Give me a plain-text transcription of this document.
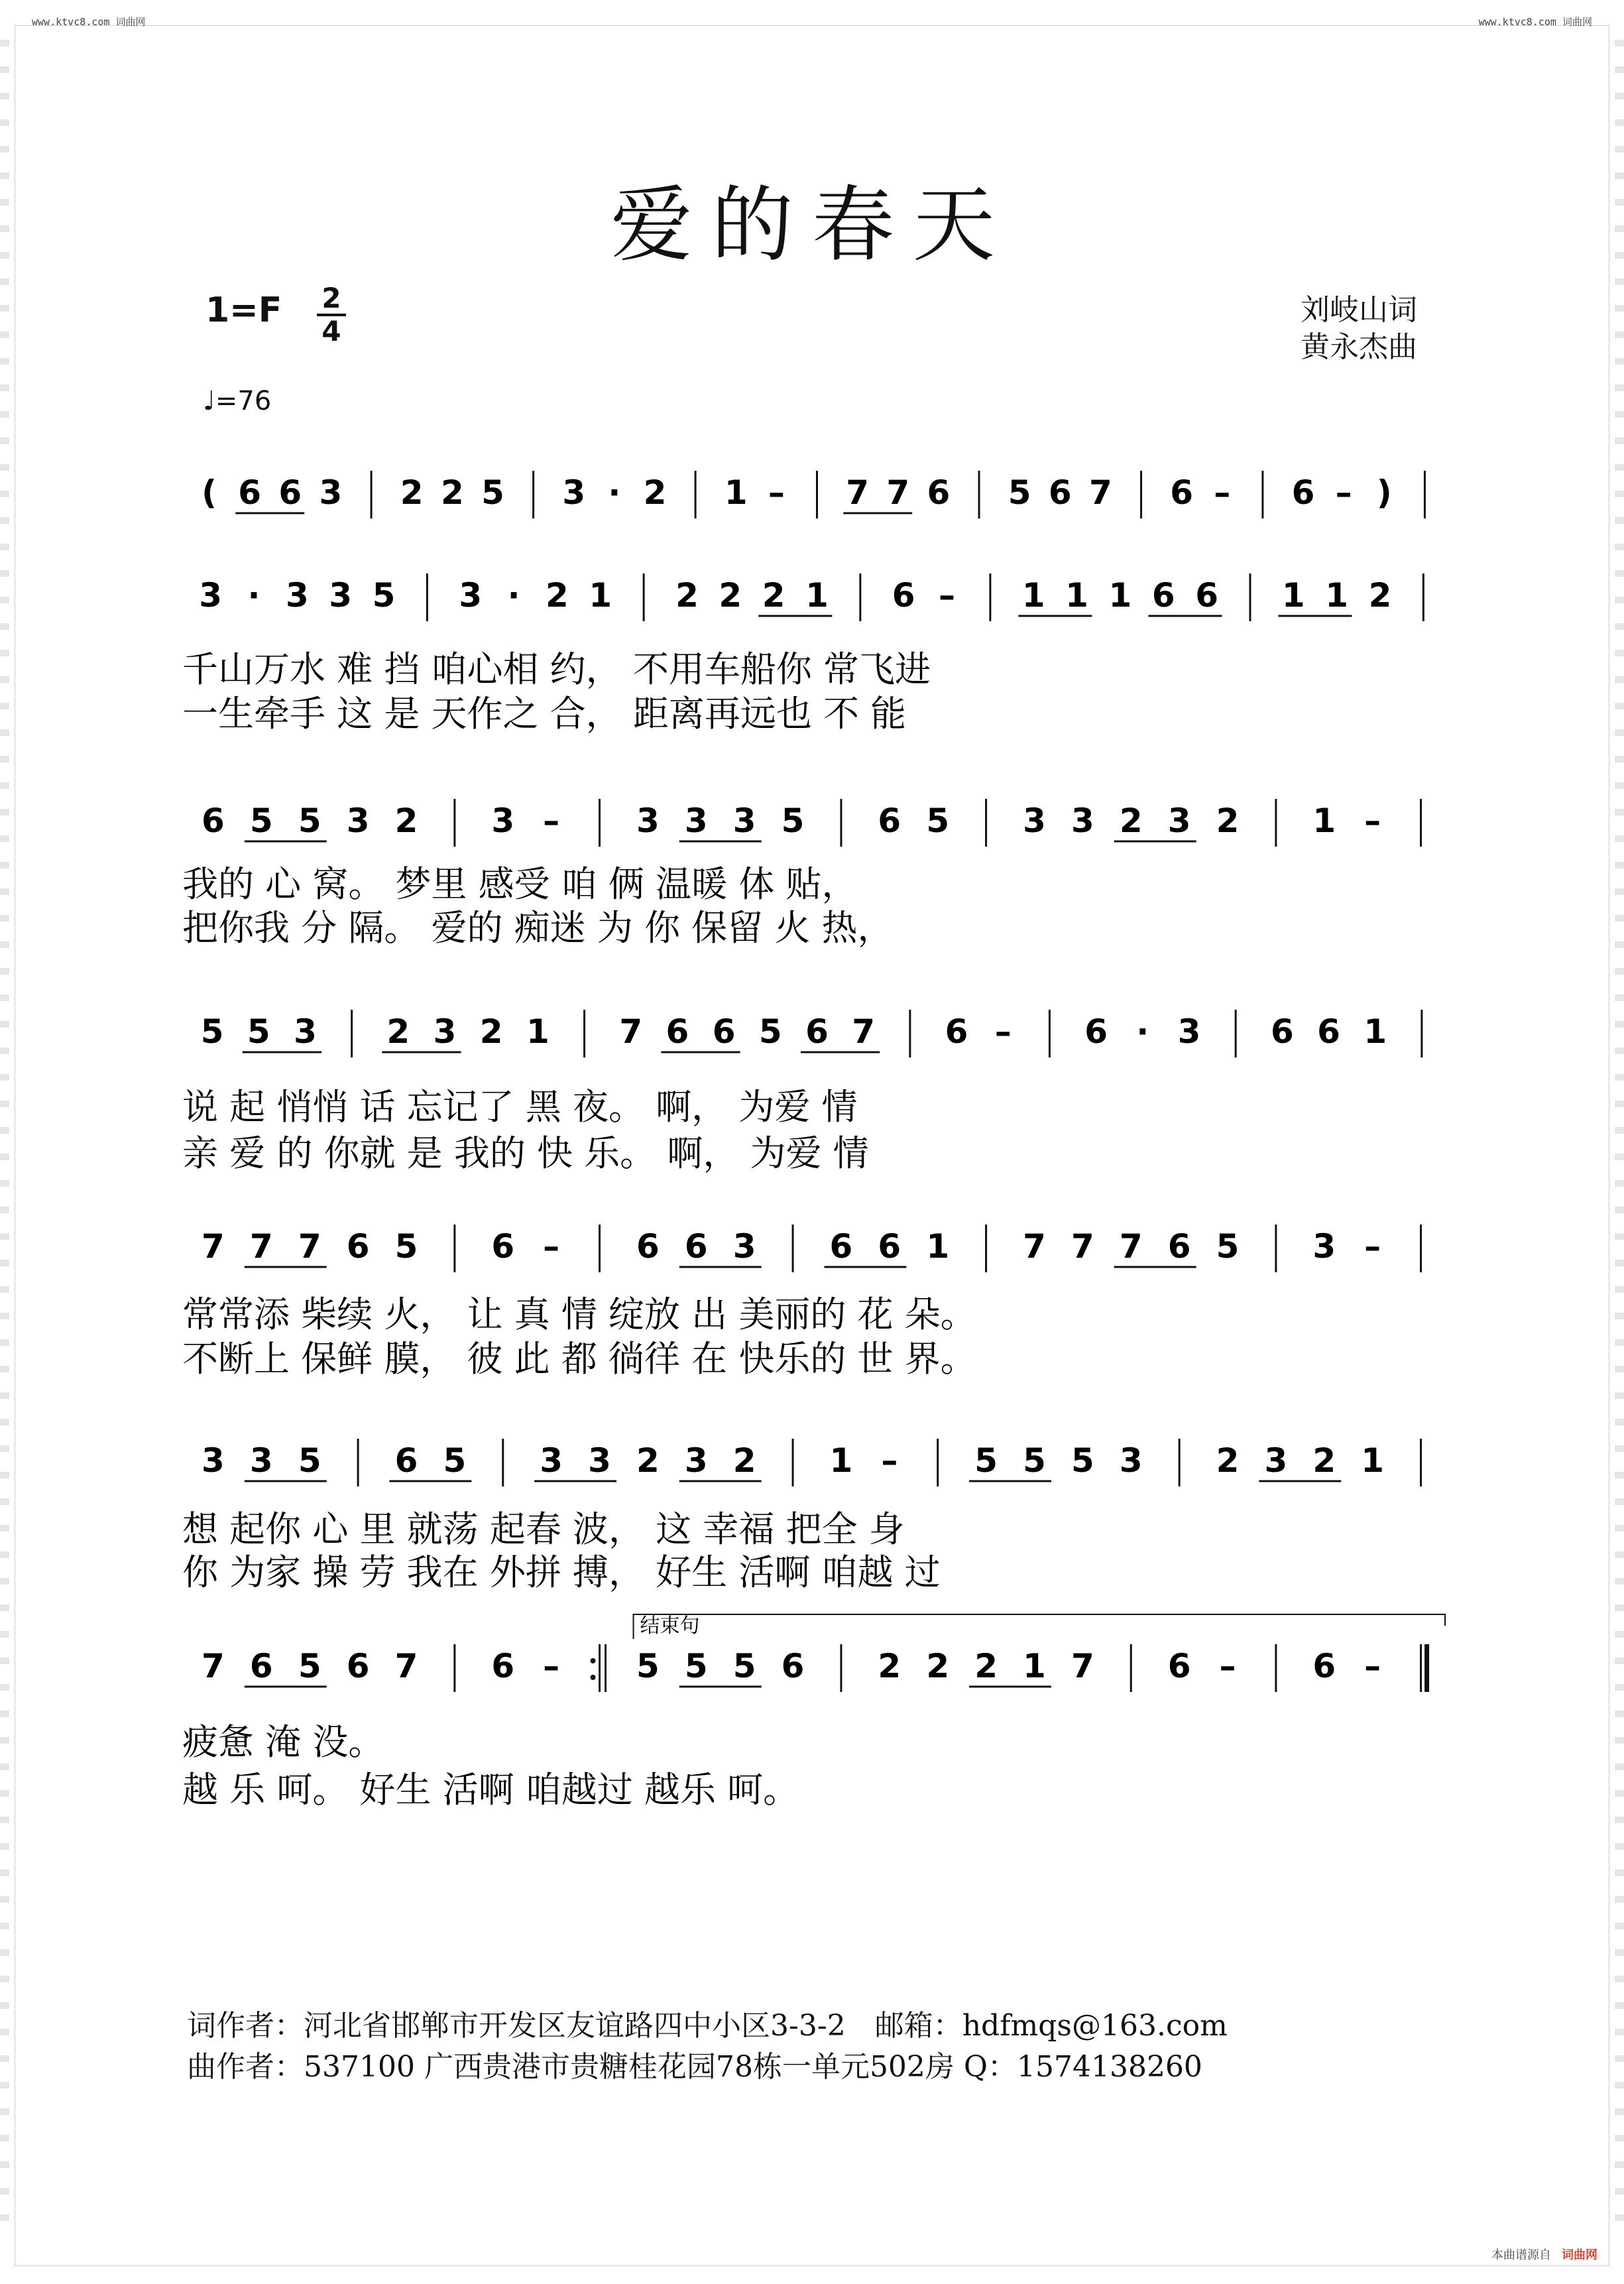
www.ktvc8.com 词曲网	www.ktvc8.com 词曲网
爱的春天
1=F 2
4
♩=76
刘岐山词
黄永杰曲
( 6 6 3 2 2 5 3 · 2 1 – 7 7 6 5 6 7 6 – 6 – )
3 · 3 3 5 3 · 2 1 2 2 2 1 6 – 1 1 1 6 6 1 1 2
千山万水 难 挡 咱心相 约， 不用车船你 常飞进
一生牵手 这 是 天作之 合， 距离再远也 不 能
6 5 5 3 2 3 – 3 3 3 5 6 5 3 3 2 3 2 1 –
我的 心 窝。 梦里 感受 咱 俩 温暖 体 贴，
把你我 分 隔。 爱的 痴迷 为 你 保留 火 热，
5 5 3 2 3 2 1 7 6 6 5 6 7 6 – 6 · 3 6 6 1
说 起 悄悄 话 忘记了 黑 夜。 啊， 为爱 情
亲 爱 的 你就 是 我的 快 乐。 啊， 为爱 情
7 7 7 6 5 6 – 6 6 3 6 6 1 7 7 7 6 5 3 –
常常添 柴续 火， 让 真 情 绽放 出 美丽的 花 朵。
不断上 保鲜 膜， 彼 此 都 徜徉 在 快乐的 世 界。
3 3 5 6 5 3 3 2 3 2 1 – 5 5 5 3 2 3 2 1
想 起你 心 里 就荡 起春 波， 这 幸福 把全 身
你 为家 操 劳 我在 外拼 搏， 好生 活啊 咱越 过
7 6 5 6 7 6 – 5 5 5 6 2 2 2 1 7 6 – 6 –
结束句
疲惫 淹 没。
越 乐 呵。 好生 活啊 咱越过 越乐 呵。
词作者：河北省邯郸市开发区友谊路四中小区3-3-2　邮箱：hdfmqs@163.com
曲作者：537100 广西贵港市贵糖桂花园78栋一单元502房 Q：1574138260
本曲谱源自 词曲网
